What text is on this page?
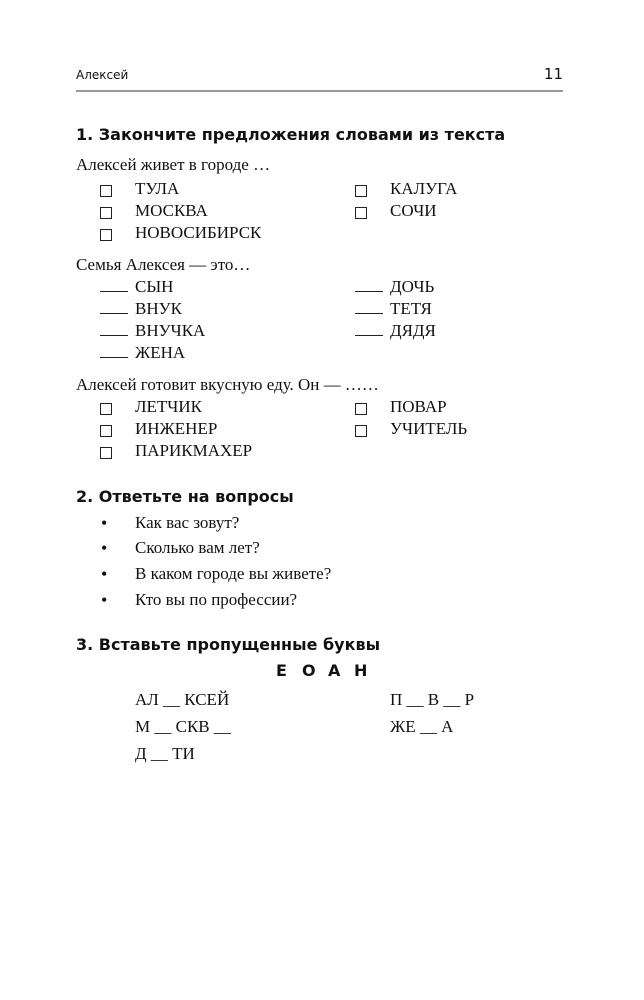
Алексей	11
1. Закончите предложения словами из текста
Алексей живет в городе …
ТУЛА
МОСКВА
НОВОСИБИРСК
КАЛУГА
СОЧИ
Семья Алексея — это…
СЫН
ВНУК
ВНУЧКА
ЖЕНА
ДОЧЬ
ТЕТЯ
ДЯДЯ
Алексей готовит вкусную еду. Он — ……
ЛЕТЧИК
ИНЖЕНЕР
ПАРИКМАХЕР
ПОВАР
УЧИТЕЛЬ
2. Ответьте на вопросы
• Как вас зовут?
• Сколько вам лет?
• В каком городе вы живете?
• Кто вы по профессии?
3. Вставьте пропущенные буквы
Е О А Н
АЛ __ КСЕЙ
М __ СКВ __
Д __ ТИ
П __ В __ Р
ЖЕ __ А
